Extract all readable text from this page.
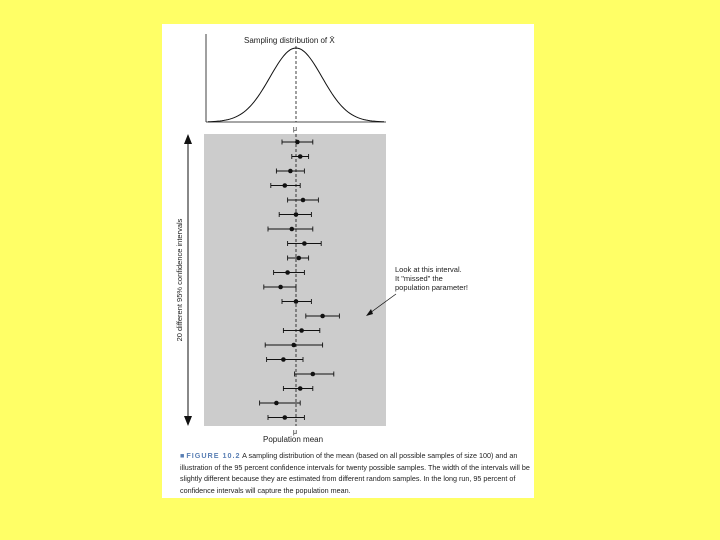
Sampling distribution of X̄
μ
μ
Population mean
20 different 95% confidence intervals	Look at this interval.
It "missed" the
population parameter!
■ FIGURE 10.2 A sampling distribution of the mean (based on all possible samples of size 100) and an illustration of the 95 percent confidence intervals for twenty possible samples. The width of the intervals will be slightly different because they are estimated from different random samples. In the long run, 95 percent of confidence intervals will capture the population mean.
